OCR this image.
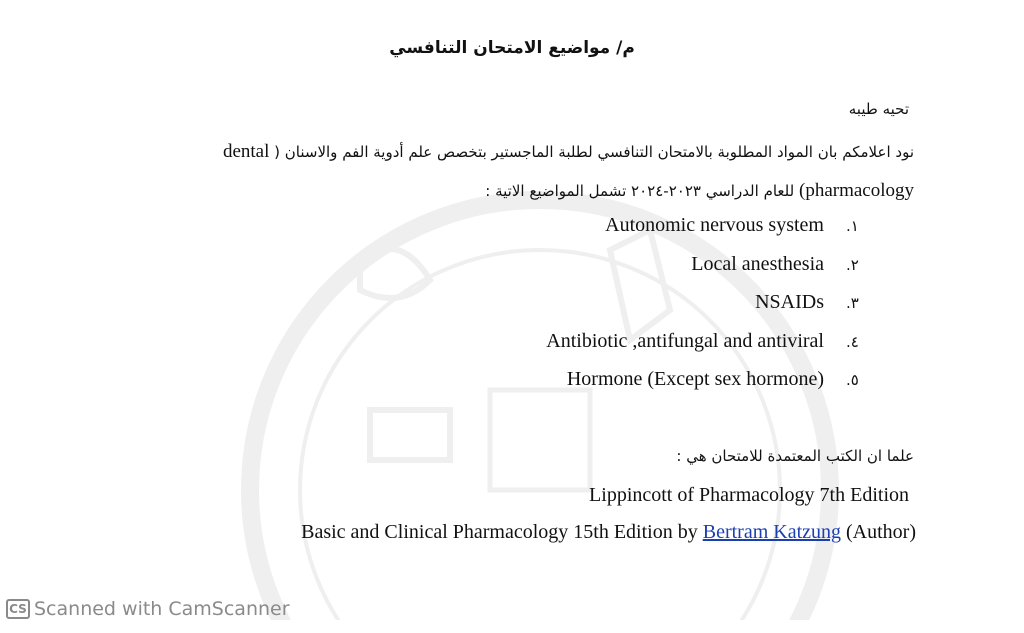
م/ مواضيع الامتحان التنافسي
تحيه طيبه
نود اعلامكم بان المواد المطلوبة بالامتحان التنافسي لطلبة الماجستير بتخصص علم أدوية الفم والاسنان ( dental
pharmacology) للعام الدراسي ٢٠٢٣-٢٠٢٤ تشمل المواضيع الاتية :
Autonomic nervous system ١.
Local anesthesia ٢.
NSAIDs ٣.
Antibiotic ,antifungal and antiviral ٤.
Hormone (Except sex hormone) ٥.
علما ان الكتب المعتمدة للامتحان هي :
Lippincott of Pharmacology 7th Edition
Basic and Clinical Pharmacology 15th Edition by Bertram Katzung (Author)
CS Scanned with CamScanner
